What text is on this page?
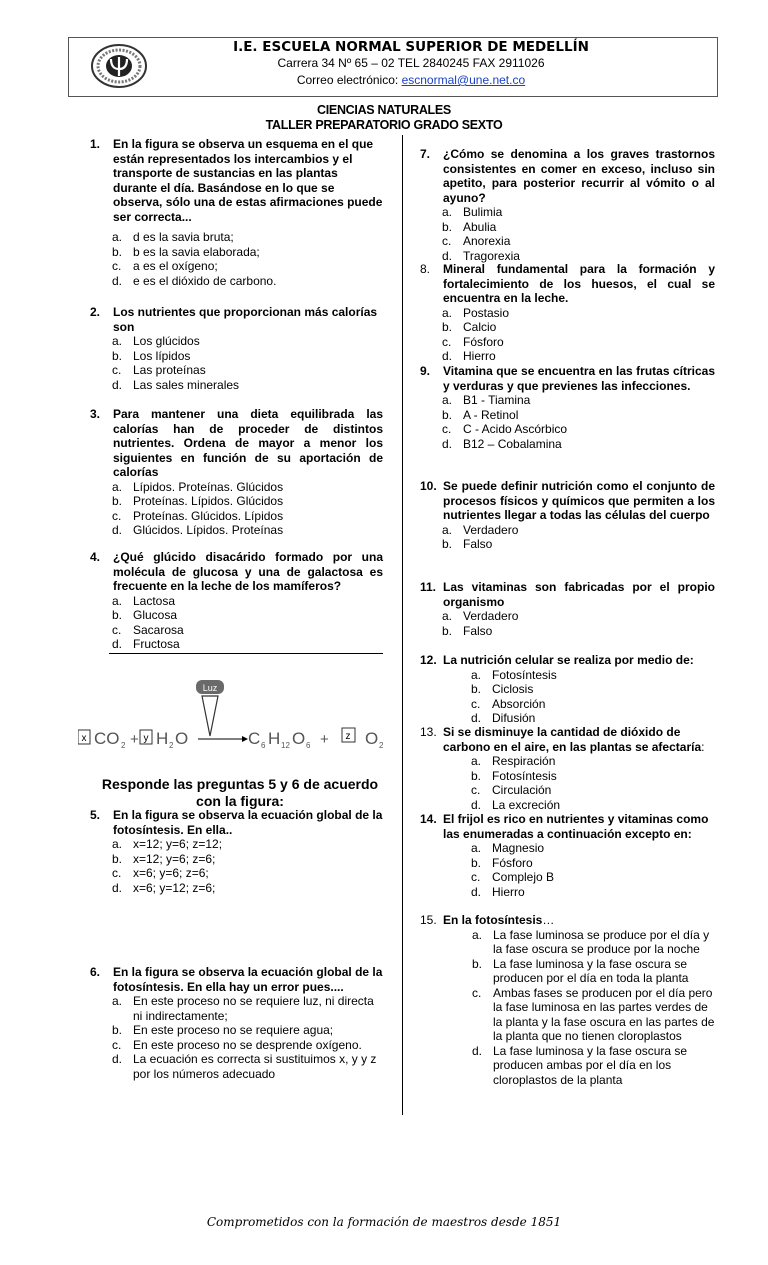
I.E. ESCUELA NORMAL SUPERIOR DE MEDELLÍN
Carrera 34 Nº 65 – 02 TEL 2840245 FAX 2911026
Correo electrónico: escnormal@une.net.co
CIENCIAS NATURALES
TALLER PREPARATORIO GRADO SEXTO
1. En la figura se observa un esquema en el que están representados los intercambios y el transporte de sustancias en las plantas durante el día. Basándose en lo que se observa, sólo una de estas afirmaciones puede ser correcta...
a. d es la savia bruta;
b. b es la savia elaborada;
c. a es el oxígeno;
d. e es el dióxido de carbono.
2. Los nutrientes que proporcionan más calorías son
a. Los glúcidos
b. Los lípidos
c. Las proteínas
d. Las sales minerales
3. Para mantener una dieta equilibrada las calorías han de proceder de distintos nutrientes. Ordena de mayor a menor los siguientes en función de su aportación de calorías
a. Lípidos. Proteínas. Glúcidos
b. Proteínas. Lípidos. Glúcidos
c. Proteínas. Glúcidos. Lípidos
d. Glúcidos. Lípidos. Proteínas
4. ¿Qué glúcido disacárido formado por una molécula de glucosa y una de galactosa es frecuente en la leche de los mamíferos?
a. Lactosa
b. Glucosa
c. Sacarosa
d. Fructosa
Luz
x CO 2 + y H 2 O	C 6 H 12 O 6 + z O 2
Responde las preguntas 5 y 6 de acuerdo con la figura:
5. En la figura se observa la ecuación global de la fotosíntesis. En ella..
a. x=12; y=6; z=12;
b. x=12; y=6; z=6;
c. x=6; y=6; z=6;
d. x=6; y=12; z=6;
6. En la figura se observa la ecuación global de la fotosíntesis. En ella hay un error pues....
a. En este proceso no se requiere luz, ni directa ni indirectamente;
b. En este proceso no se requiere agua;
c. En este proceso no se desprende oxígeno.
d. La ecuación es correcta si sustituimos x, y y z por los números adecuado
7. ¿Cómo se denomina a los graves trastornos consistentes en comer en exceso, incluso sin apetito, para posterior recurrir al vómito o al ayuno?
a. Bulimia
b. Abulia
c. Anorexia
d. Tragorexia
8. Mineral fundamental para la formación y fortalecimiento de los huesos, el cual se encuentra en la leche.
a. Postasio
b. Calcio
c. Fósforo
d. Hierro
9. Vitamina que se encuentra en las frutas cítricas y verduras y que previenes las infecciones.
a. B1 - Tiamina
b. A - Retinol
c. C - Acido Ascórbico
d. B12 – Cobalamina
10. Se puede definir nutrición como el conjunto de procesos físicos y químicos que permiten a los nutrientes llegar a todas las células del cuerpo
a. Verdadero
b. Falso
11. Las vitaminas son fabricadas por el propio organismo
a. Verdadero
b. Falso
12. La nutrición celular se realiza por medio de:
a. Fotosíntesis
b. Ciclosis
c. Absorción
d. Difusión
13. Si se disminuye la cantidad de dióxido de carbono en el aire, en las plantas se afectaría:
a. Respiración
b. Fotosíntesis
c. Circulación
d. La excreción
14. El frijol es rico en nutrientes y vitaminas como las enumeradas a continuación excepto en:
a. Magnesio
b. Fósforo
c. Complejo B
d. Hierro
15. En la fotosíntesis…
a. La fase luminosa se produce por el día y la fase oscura se produce por la noche
b. La fase luminosa y la fase oscura se producen por el día en toda la planta
c. Ambas fases se producen por el día pero la fase luminosa en las partes verdes de la planta y la fase oscura en las partes de la planta que no tienen cloroplastos
d. La fase luminosa y la fase oscura se producen ambas por el día en los cloroplastos de la planta
Comprometidos con la formación de maestros desde 1851
